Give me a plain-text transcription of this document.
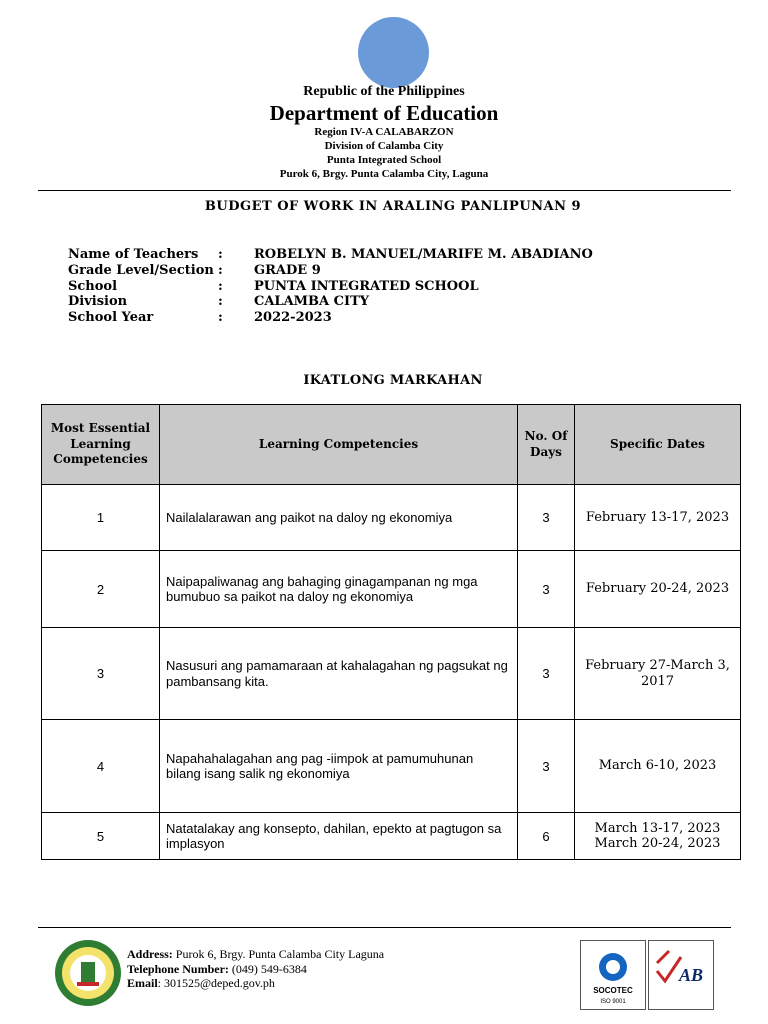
Republic of the Philippines
Department of Education
Region IV-A CALABARZON
Division of Calamba City
Punta Integrated School
Purok 6, Brgy. Punta Calamba City, Laguna
BUDGET OF WORK IN ARALING PANLIPUNAN 9
Name of Teachers	:	ROBELYN B. MANUEL/MARIFE M. ABADIANO
Grade Level/Section :	GRADE 9
School	:	PUNTA INTEGRATED SCHOOL
Division	:	CALAMBA CITY
School Year	:	2022-2023
IKATLONG MARKAHAN
Most Essential Learning Competencies	Learning Competencies	No. Of Days	Specific Dates
1	Nailalalarawan ang paikot na daloy ng ekonomiya	3	February 13-17, 2023
2	Naipapaliwanag ang bahaging ginagampanan ng mga bumubuo sa paikot na daloy ng ekonomiya	3	February 20-24, 2023
3	Nasusuri ang pamamaraan at kahalagahan ng pagsukat ng pambansang kita.	3	February 27-March 3, 2017
4	Napahahalagahan ang pag -iimpok at pamumuhunan bilang isang salik ng ekonomiya	3	March 6-10, 2023
5	Natatalakay ang konsepto, dahilan, epekto at pagtugon sa implasyon	6	March 13-17, 2023 March 20-24, 2023
Address: Purok 6, Brgy. Punta Calamba City Laguna
Telephone Number: (049) 549-6384
Email: 301525@deped.gov.ph
SOCOTEC
ISO 9001
AB
